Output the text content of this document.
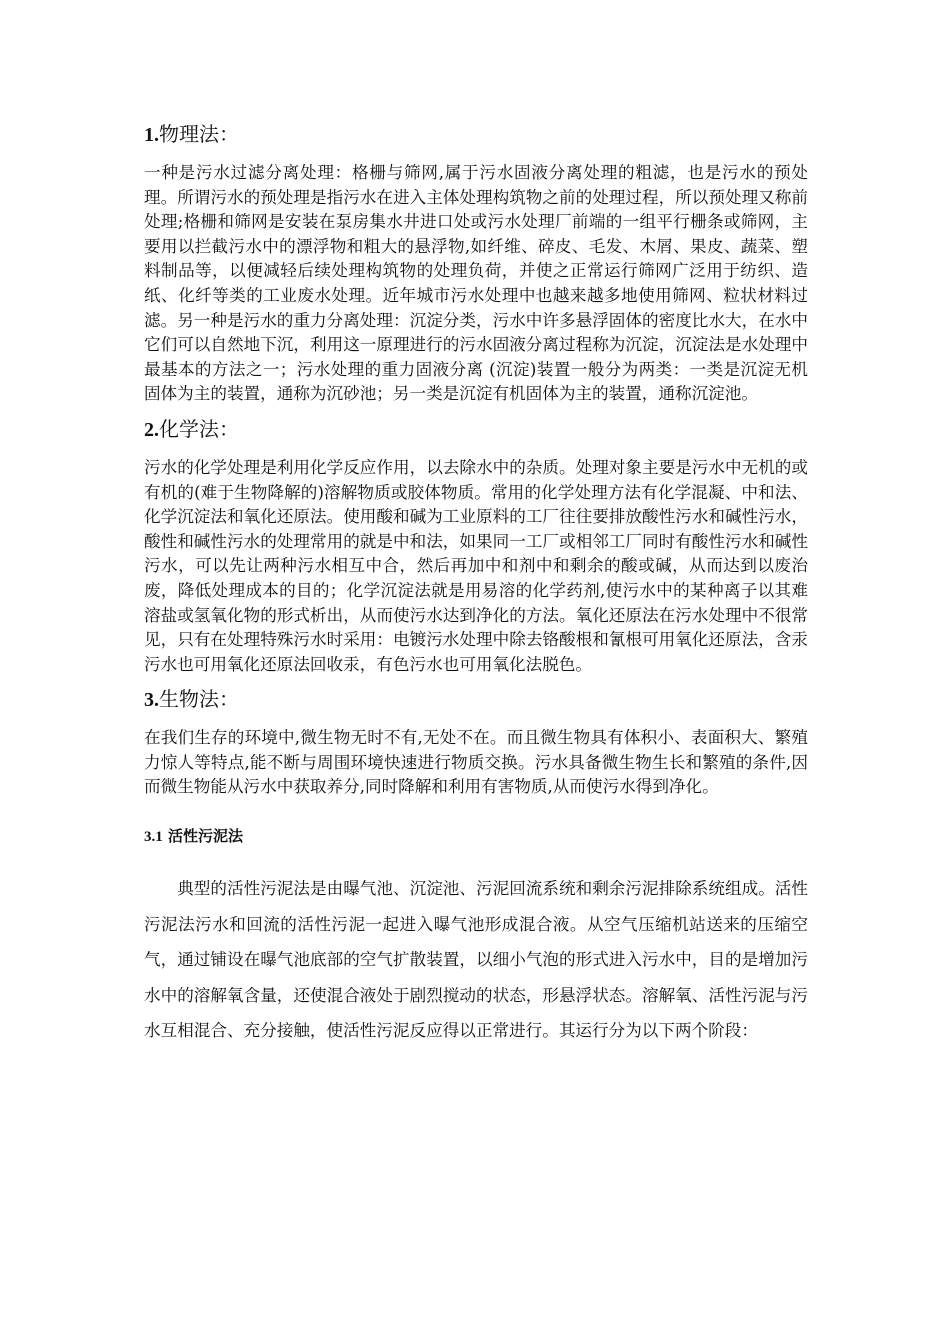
1.物理法：

一种是污水过滤分离处理：格栅与筛网,属于污水固液分离处理的粗滤，也是污水的预处理。所谓污水的预处理是指污水在进入主体处理构筑物之前的处理过程，所以预处理又称前处理;格栅和筛网是安装在泵房集水井进口处或污水处理厂前端的一组平行栅条或筛网，主要用以拦截污水中的漂浮物和粗大的悬浮物,如纤维、碎皮、毛发、木屑、果皮、蔬菜、塑料制品等，以便减轻后续处理构筑物的处理负荷，并使之正常运行筛网广泛用于纺织、造纸、化纤等类的工业废水处理。近年城市污水处理中也越来越多地使用筛网、粒状材料过滤。另一种是污水的重力分离处理：沉淀分类，污水中许多悬浮固体的密度比水大，在水中它们可以自然地下沉，利用这一原理进行的污水固液分离过程称为沉淀，沉淀法是水处理中最基本的方法之一；污水处理的重力固液分离 (沉淀)装置一般分为两类：一类是沉淀无机固体为主的装置，通称为沉砂池；另一类是沉淀有机固体为主的装置，通称沉淀池。

2.化学法：

污水的化学处理是利用化学反应作用，以去除水中的杂质。处理对象主要是污水中无机的或有机的(难于生物降解的)溶解物质或胶体物质。常用的化学处理方法有化学混凝、中和法、化学沉淀法和氧化还原法。使用酸和碱为工业原料的工厂往往要排放酸性污水和碱性污水，酸性和碱性污水的处理常用的就是中和法，如果同一工厂或相邻工厂同时有酸性污水和碱性污水，可以先让两种污水相互中合，然后再加中和剂中和剩余的酸或碱，从而达到以废治废，降低处理成本的目的；化学沉淀法就是用易溶的化学药剂,使污水中的某种离子以其难溶盐或氢氧化物的形式析出，从而使污水达到净化的方法。氧化还原法在污水处理中不很常见，只有在处理特殊污水时采用：电镀污水处理中除去铬酸根和氰根可用氧化还原法，含汞污水也可用氧化还原法回收汞，有色污水也可用氧化法脱色。

3.生物法：

在我们生存的环境中,微生物无时不有,无处不在。而且微生物具有体积小、表面积大、繁殖力惊人等特点,能不断与周围环境快速进行物质交换。污水具备微生物生长和繁殖的条件,因而微生物能从污水中获取养分,同时降解和利用有害物质,从而使污水得到净化。

3.1 活性污泥法

典型的活性污泥法是由曝气池、沉淀池、污泥回流系统和剩余污泥排除系统组成。活性污泥法污水和回流的活性污泥一起进入曝气池形成混合液。从空气压缩机站送来的压缩空气，通过铺设在曝气池底部的空气扩散装置，以细小气泡的形式进入污水中，目的是增加污水中的溶解氧含量，还使混合液处于剧烈搅动的状态，形悬浮状态。溶解氧、活性污泥与污水互相混合、充分接触，使活性污泥反应得以正常进行。其运行分为以下两个阶段：
